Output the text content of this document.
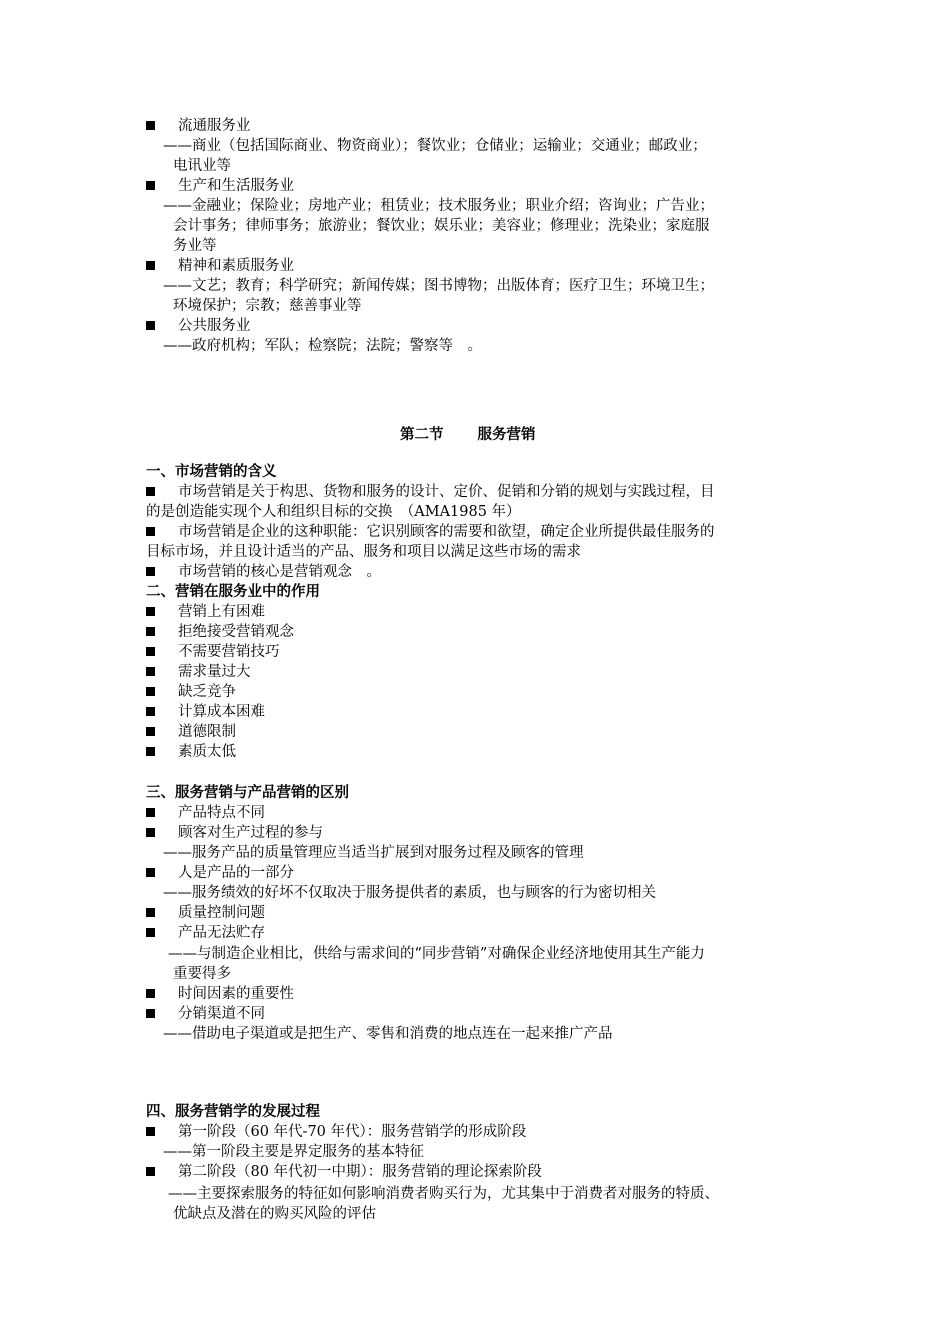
流通服务业
——商业（包括国际商业、物资商业）；餐饮业；仓储业；运输业；交通业；邮政业；
电讯业等
生产和生活服务业
——金融业；保险业；房地产业；租赁业；技术服务业；职业介绍；咨询业；广告业；
会计事务；律师事务；旅游业；餐饮业；娱乐业；美容业；修理业；洗染业；家庭服
务业等
精神和素质服务业
——文艺；教育；科学研究；新闻传媒；图书博物；出版体育；医疗卫生；环境卫生；
环境保护；宗教；慈善事业等
公共服务业
——政府机构；军队；检察院；法院；警察等　。
第二节 服务营销
一、市场营销的含义
市场营销是关于构思、货物和服务的设计、定价、促销和分销的规划与实践过程，目
的是创造能实现个人和组织目标的交换　（AMA1985 年）
市场营销是企业的这种职能：它识别顾客的需要和欲望，确定企业所提供最佳服务的
目标市场，并且设计适当的产品、服务和项目以满足这些市场的需求
市场营销的核心是营销观念　。
二、营销在服务业中的作用
营销上有困难
拒绝接受营销观念
不需要营销技巧
需求量过大
缺乏竞争
计算成本困难
道德限制
素质太低
三、服务营销与产品营销的区别
产品特点不同
顾客对生产过程的参与
——服务产品的质量管理应当适当扩展到对服务过程及顾客的管理
人是产品的一部分
——服务绩效的好坏不仅取决于服务提供者的素质，也与顾客的行为密切相关
质量控制问题
产品无法贮存
——与制造企业相比，供给与需求间的“同步营销”对确保企业经济地使用其生产能力
重要得多
时间因素的重要性
分销渠道不同
——借助电子渠道或是把生产、零售和消费的地点连在一起来推广产品
四、服务营销学的发展过程
第一阶段（60 年代-70 年代）：服务营销学的形成阶段
——第一阶段主要是界定服务的基本特征
第二阶段（80 年代初一中期）：服务营销的理论探索阶段
——主要探索服务的特征如何影响消费者购买行为，尤其集中于消费者对服务的特质、
优缺点及潜在的购买风险的评估
